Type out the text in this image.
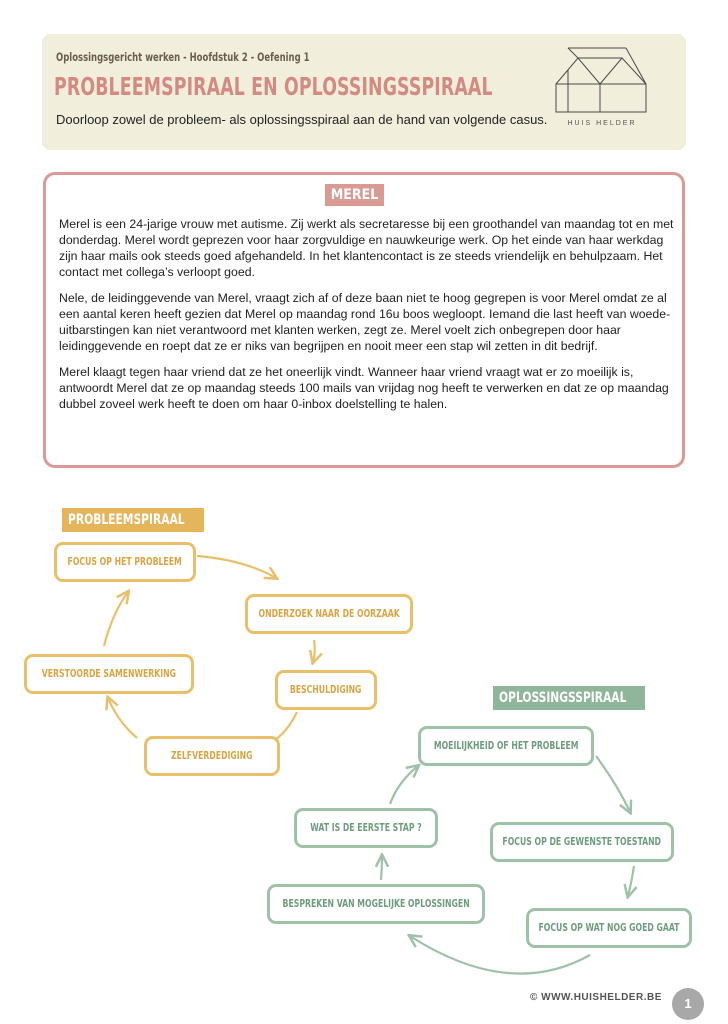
Oplossingsgericht werken - Hoofdstuk 2 - Oefening 1
PROBLEEMSPIRAAL EN OPLOSSINGSSPIRAAL
Doorloop zowel de probleem- als oplossingsspiraal aan de hand van volgende casus.	HUIS HELDER
MEREL

Merel is een 24-jarige vrouw met autisme. Zij werkt als secretaresse bij een groothandel van maandag tot en met donderdag. Merel wordt geprezen voor haar zorgvuldige en nauwkeurige werk. Op het einde van haar werkdag zijn haar mails ook steeds goed afgehandeld. In het klantencontact is ze steeds vriendelijk en behulpzaam. Het contact met collega’s verloopt goed.

Nele, de leidinggevende van Merel, vraagt zich af of deze baan niet te hoog gegrepen is voor Merel omdat ze al een aantal keren heeft gezien dat Merel op maandag rond 16u boos wegloopt. Iemand die last heeft van woede-uitbarstingen kan niet verantwoord met klanten werken, zegt ze. Merel voelt zich onbegrepen door haar leidinggevende en roept dat ze er niks van begrijpen en nooit meer een stap wil zetten in dit bedrijf.

Merel klaagt tegen haar vriend dat ze het oneerlijk vindt. Wanneer haar vriend vraagt wat er zo moeilijk is, antwoordt Merel dat ze op maandag steeds 100 mails van vrijdag nog heeft te verwerken en dat ze op maandag dubbel zoveel werk heeft te doen om haar 0-inbox doelstelling te halen.

PROBLEEMSPIRAAL
FOCUS OP HET PROBLEEM
ONDERZOEK NAAR DE OORZAAK
BESCHULDIGING
ZELFVERDEDIGING
VERSTOORDE SAMENWERKING
OPLOSSINGSSPIRAAL
MOEILIJKHEID OF HET PROBLEEM
FOCUS OP DE GEWENSTE TOESTAND
FOCUS OP WAT NOG GOED GAAT
BESPREKEN VAN MOGELIJKE OPLOSSINGEN
WAT IS DE EERSTE STAP ?
© WWW.HUISHELDER.BE	1
